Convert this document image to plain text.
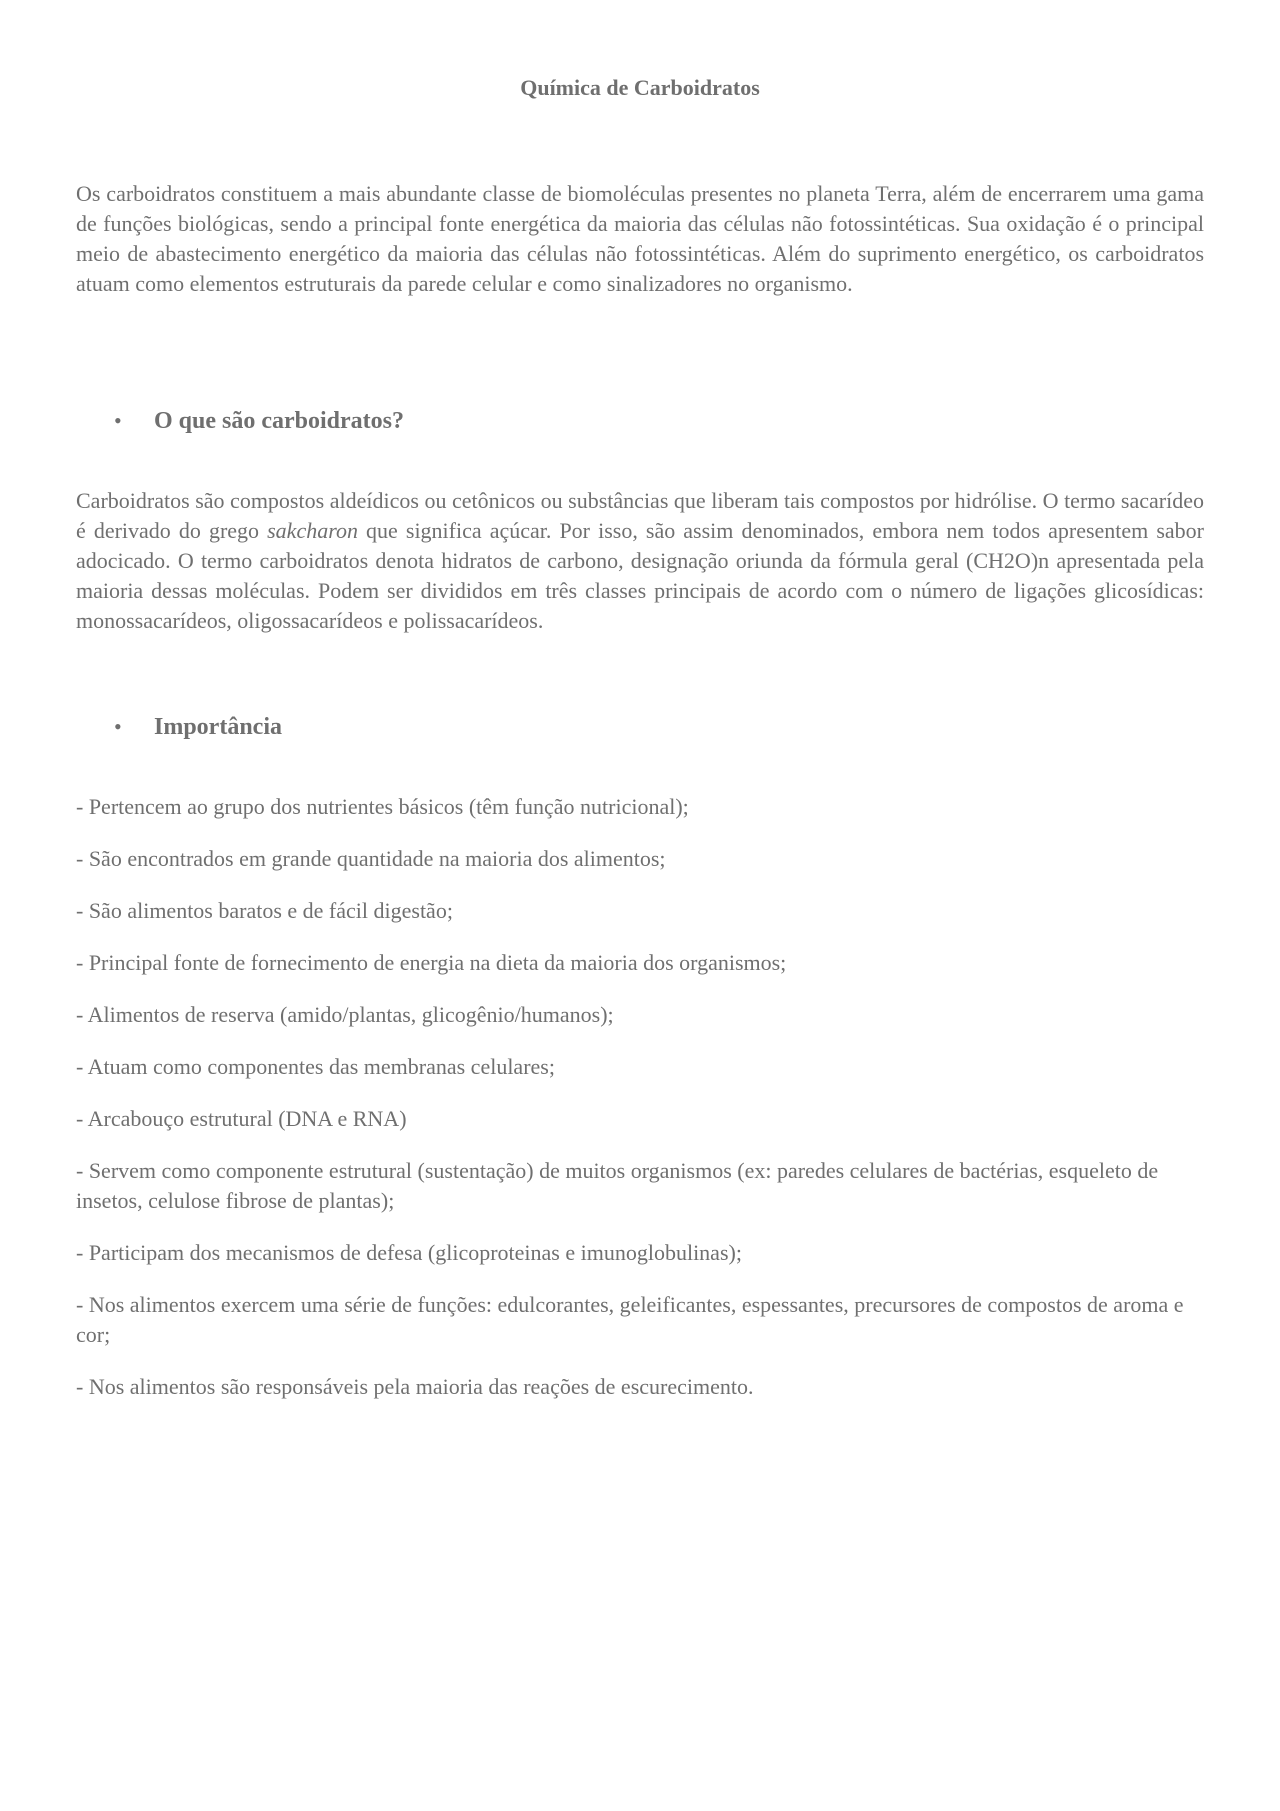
Química de Carboidratos

Os carboidratos constituem a mais abundante classe de biomoléculas presentes no planeta Terra, além de encerrarem uma gama de funções biológicas, sendo a principal fonte energética da maioria das células não fotossintéticas. Sua oxidação é o principal meio de abastecimento energético da maioria das células não fotossintéticas. Além do suprimento energético, os carboidratos atuam como elementos estruturais da parede celular e como sinalizadores no organismo.

• O que são carboidratos?

Carboidratos são compostos aldeídicos ou cetônicos ou substâncias que liberam tais compostos por hidrólise. O termo sacarídeo é derivado do grego sakcharon que significa açúcar. Por isso, são assim denominados, embora nem todos apresentem sabor adocicado. O termo carboidratos denota hidratos de carbono, designação oriunda da fórmula geral (CH2O)n apresentada pela maioria dessas moléculas. Podem ser divididos em três classes principais de acordo com o número de ligações glicosídicas: monossacarídeos, oligossacarídeos e polissacarídeos.

• Importância
- Pertencem ao grupo dos nutrientes básicos (têm função nutricional);
- São encontrados em grande quantidade na maioria dos alimentos;
- São alimentos baratos e de fácil digestão;
- Principal fonte de fornecimento de energia na dieta da maioria dos organismos;
- Alimentos de reserva (amido/plantas, glicogênio/humanos);
- Atuam como componentes das membranas celulares;
- Arcabouço estrutural (DNA e RNA)
- Servem como componente estrutural (sustentação) de muitos organismos (ex: paredes celulares de bactérias, esqueleto de insetos, celulose fibrose de plantas);
- Participam dos mecanismos de defesa (glicoproteinas e imunoglobulinas);
- Nos alimentos exercem uma série de funções: edulcorantes, geleificantes, espessantes, precursores de compostos de aroma e cor;
- Nos alimentos são responsáveis pela maioria das reações de escurecimento.
